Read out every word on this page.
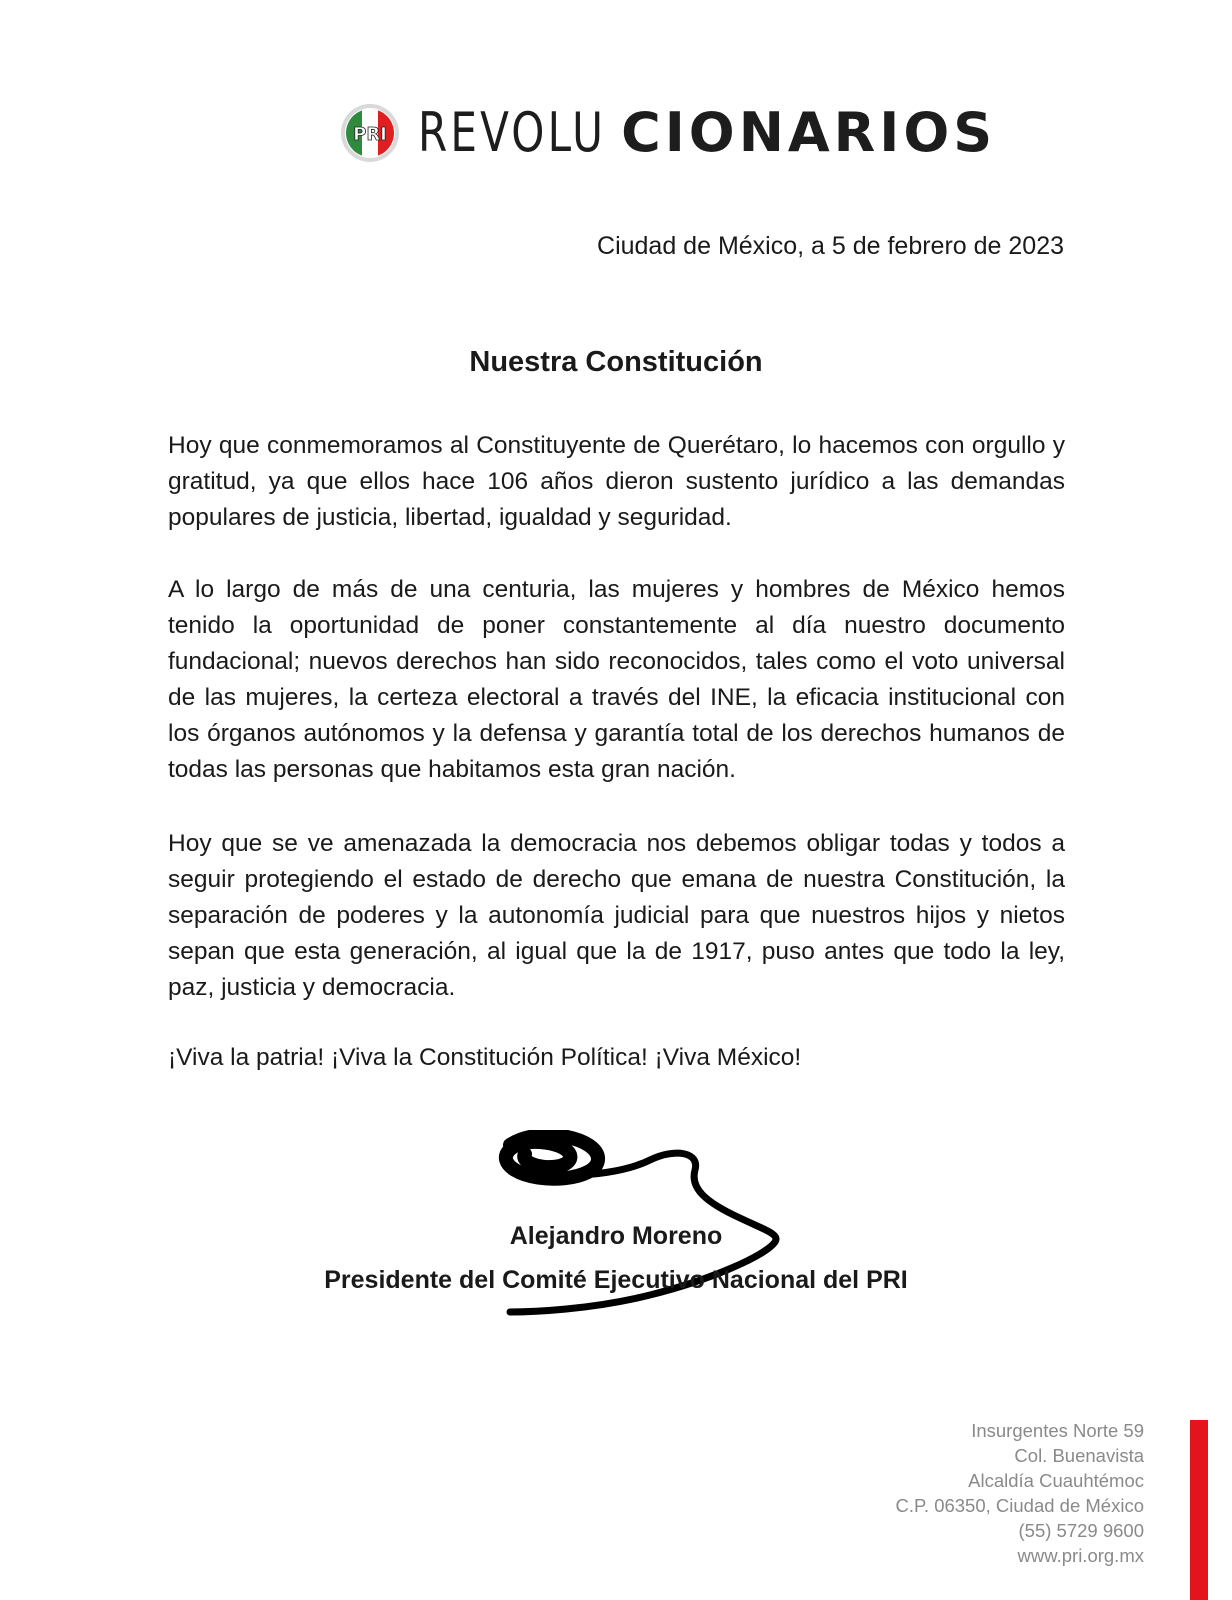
PRI REVOLU CIONARIOS
Ciudad de México, a 5 de febrero de 2023
Nuestra Constitución
Hoy que conmemoramos al Constituyente de Querétaro, lo hacemos con orgullo y gratitud, ya que ellos hace 106 años dieron sustento jurídico a las demandas populares de justicia, libertad, igualdad y seguridad.
A lo largo de más de una centuria, las mujeres y hombres de México hemos tenido la oportunidad de poner constantemente al día nuestro documento fundacional; nuevos derechos han sido reconocidos, tales como el voto universal de las mujeres, la certeza electoral a través del INE, la eficacia institucional con los órganos autónomos y la defensa y garantía total de los derechos humanos de todas las personas que habitamos esta gran nación.
Hoy que se ve amenazada la democracia nos debemos obligar todas y todos a seguir protegiendo el estado de derecho que emana de nuestra Constitución, la separación de poderes y la autonomía judicial para que nuestros hijos y nietos sepan que esta generación, al igual que la de 1917, puso antes que todo la ley, paz, justicia y democracia.
¡Viva la patria! ¡Viva la Constitución Política! ¡Viva México!
Alejandro Moreno
Presidente del Comité Ejecutivo Nacional del PRI
Insurgentes Norte 59
Col. Buenavista
Alcaldía Cuauhtémoc
C.P. 06350, Ciudad de México
(55) 5729 9600
www.pri.org.mx
